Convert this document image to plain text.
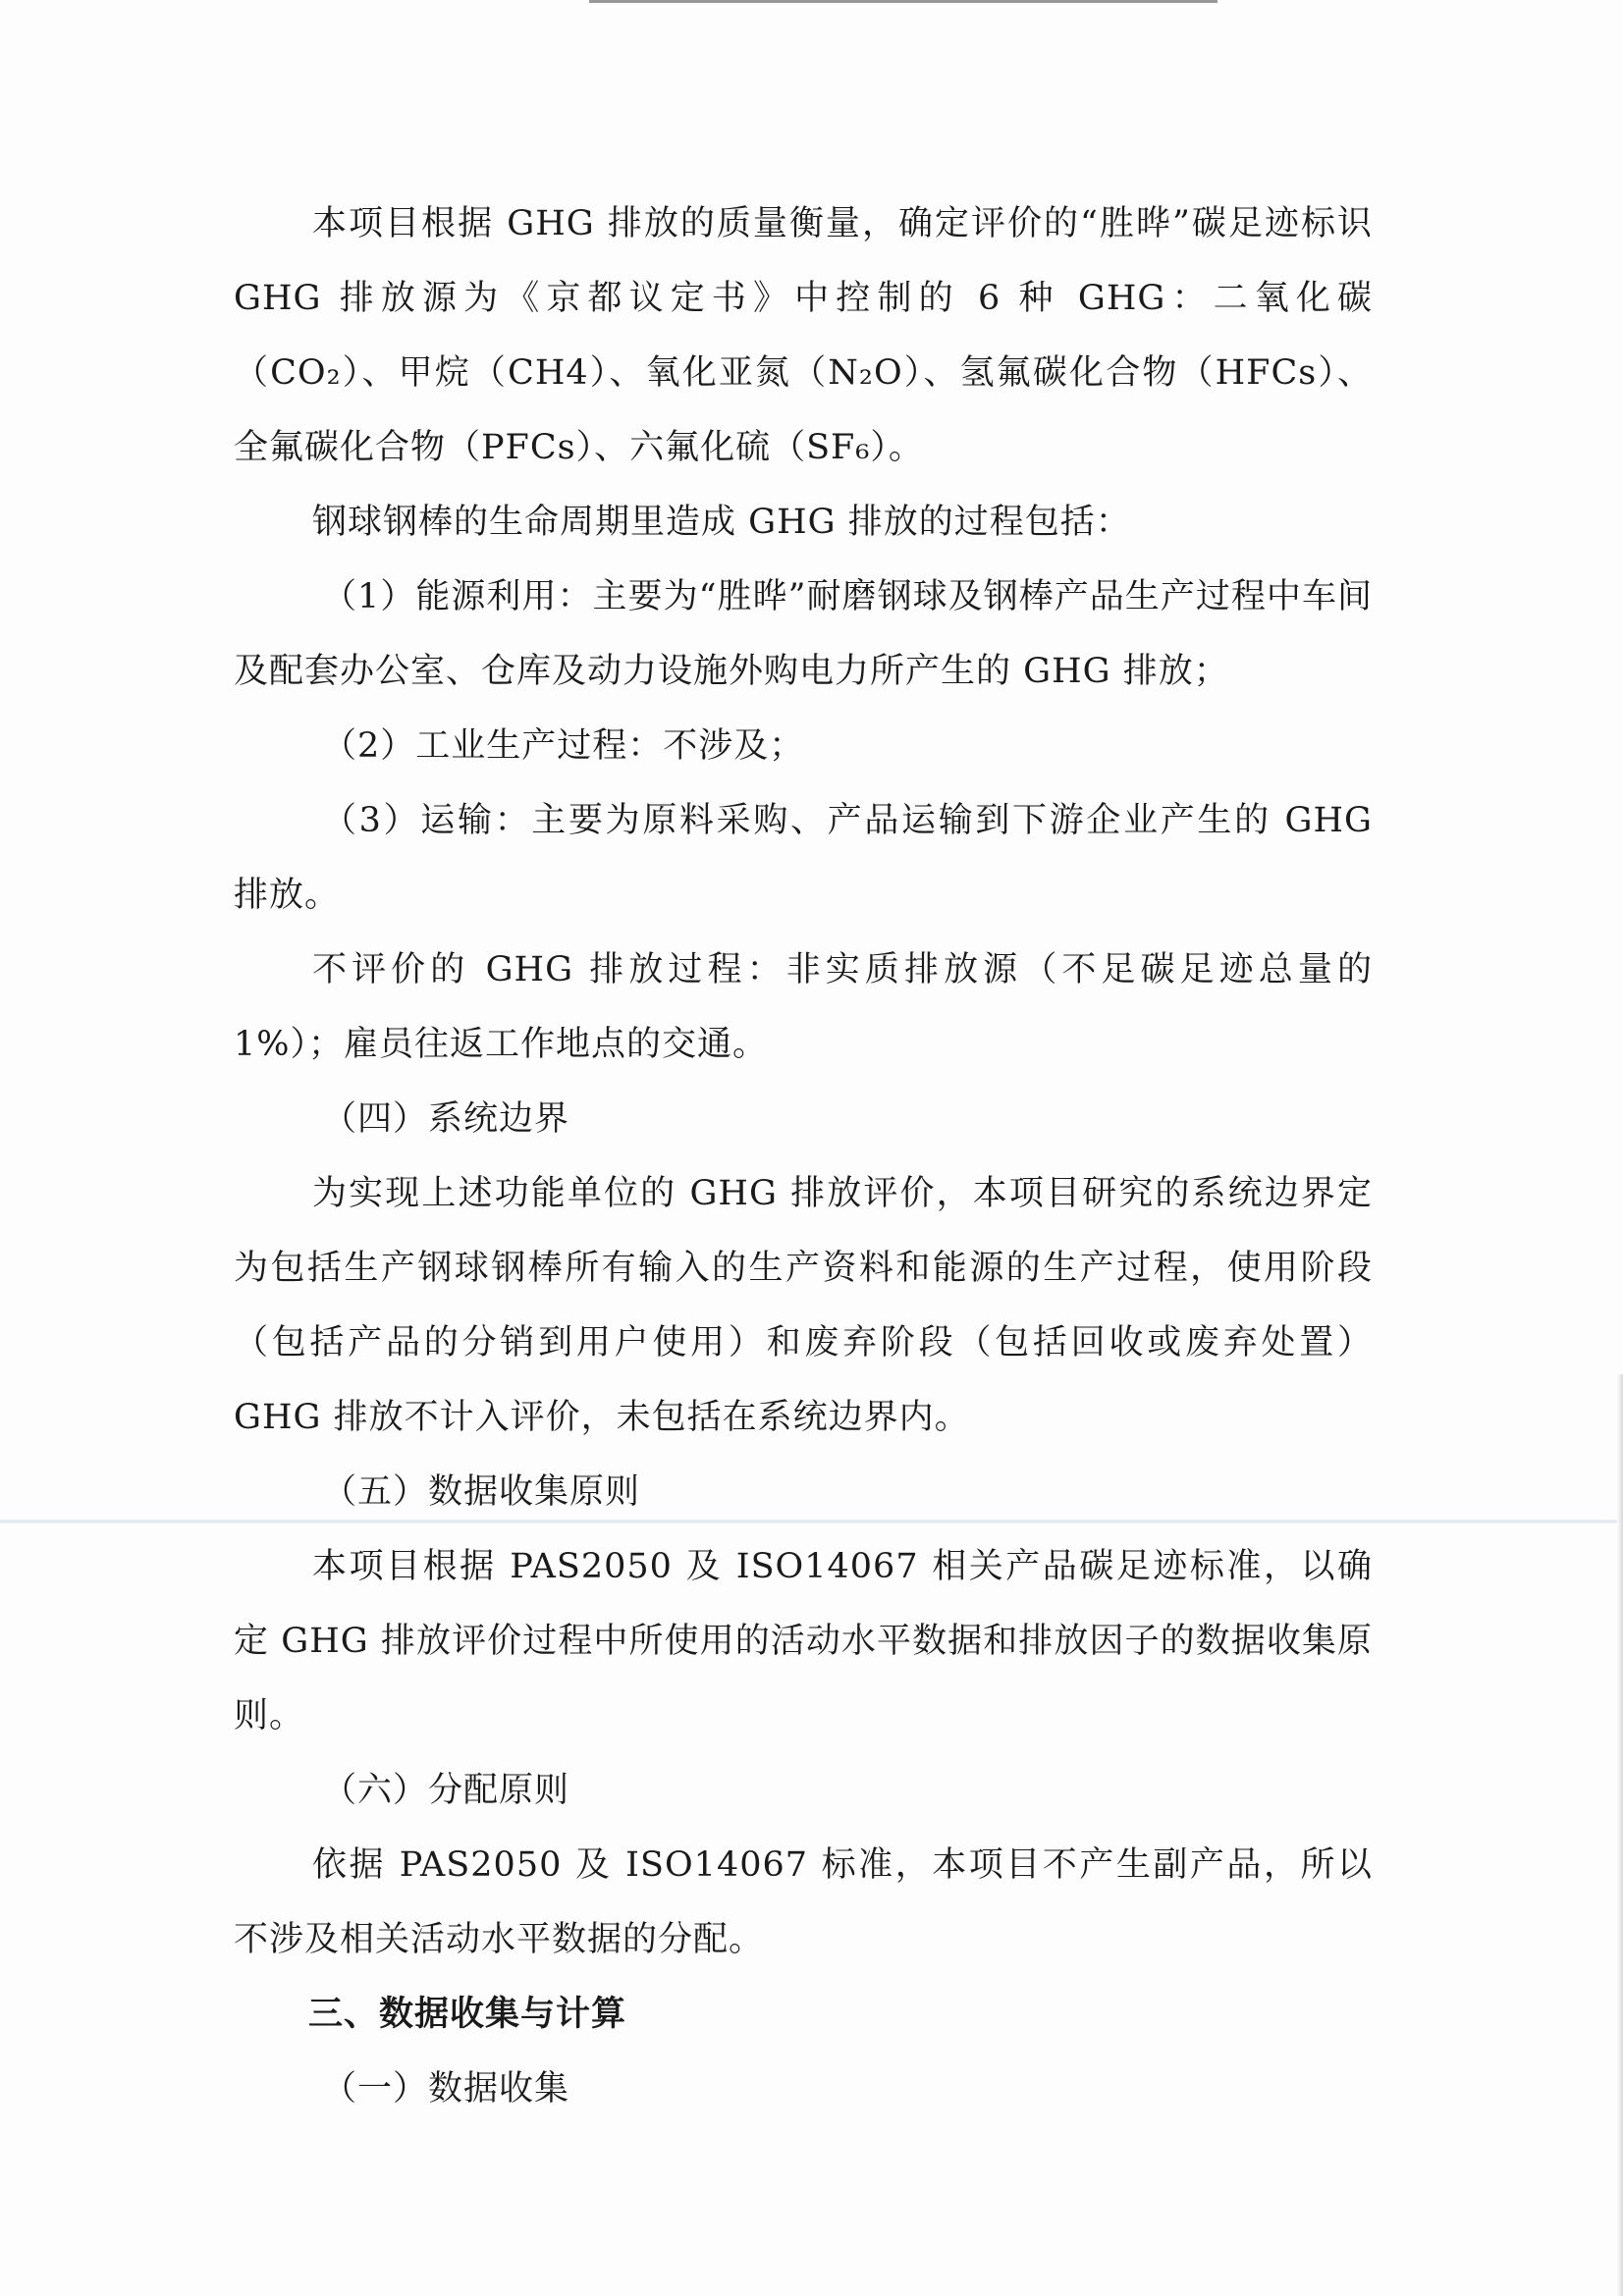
本项目根据 GHG 排放的质量衡量，确定评价的“胜晔”碳足迹标识 GHG 排放源为《京都议定书》中控制的 6 种 GHG：二氧化碳（CO₂）、甲烷（CH4）、氧化亚氮（N₂O）、氢氟碳化合物（HFCs）、全氟碳化合物（PFCs）、六氟化硫（SF₆）。

钢球钢棒的生命周期里造成 GHG 排放的过程包括：

（1）能源利用：主要为“胜晔”耐磨钢球及钢棒产品生产过程中车间及配套办公室、仓库及动力设施外购电力所产生的 GHG 排放；

（2）工业生产过程：不涉及；

（3）运输：主要为原料采购、产品运输到下游企业产生的 GHG 排放。

不评价的 GHG 排放过程：非实质排放源（不足碳足迹总量的 1%）；雇员往返工作地点的交通。

（四）系统边界

为实现上述功能单位的 GHG 排放评价，本项目研究的系统边界定为包括生产钢球钢棒所有输入的生产资料和能源的生产过程，使用阶段　（包括产品的分销到用户使用）和废弃阶段（包括回收或废弃处置）GHG 排放不计入评价，未包括在系统边界内。

（五）数据收集原则

本项目根据 PAS2050 及 ISO14067 相关产品碳足迹标准，以确定 GHG 排放评价过程中所使用的活动水平数据和排放因子的数据收集原则。

（六）分配原则

依据 PAS2050 及 ISO14067 标准，本项目不产生副产品，所以不涉及相关活动水平数据的分配。

三、数据收集与计算

（一）数据收集
